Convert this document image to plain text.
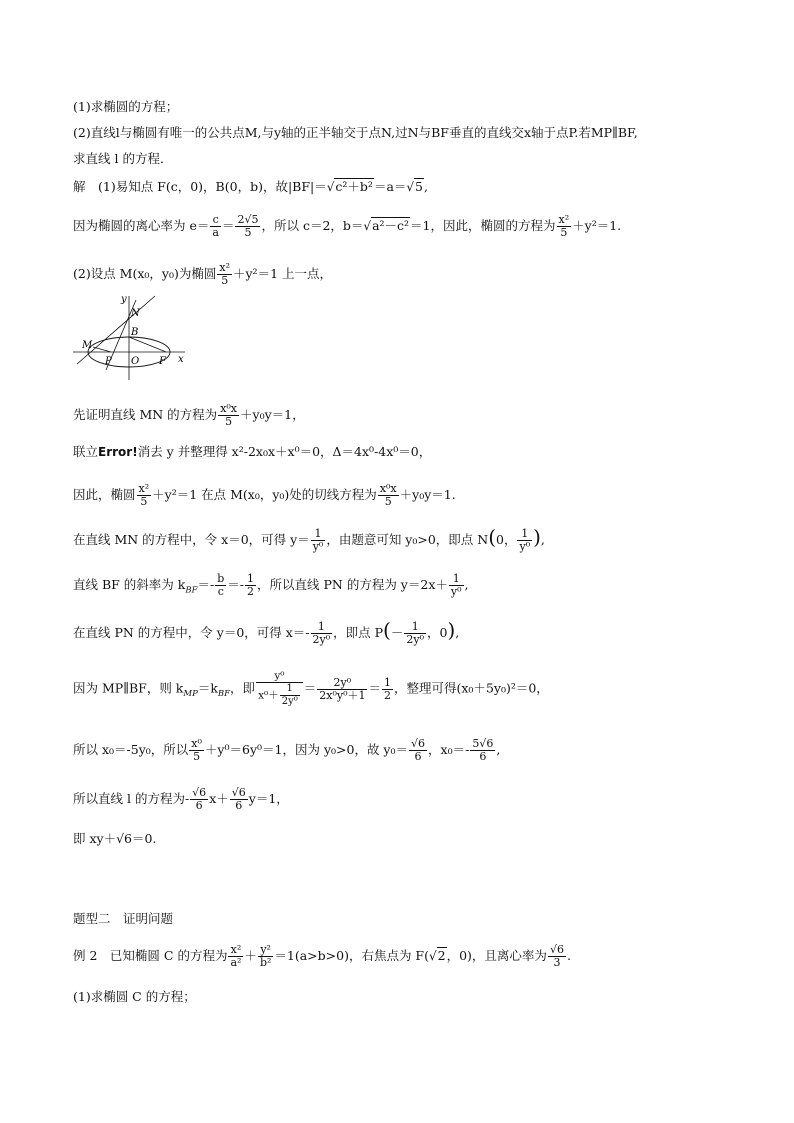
(1)求椭圆的方程；
(2)直线l与椭圆有唯一的公共点M,与y轴的正半轴交于点N,过N与BF垂直的直线交x轴于点P.若MP∥BF,
求直线 l 的方程．
解　(1)易知点 F(c，0)，B(0，b)，故|BF|＝√c²＋b²＝a＝√5,
因为椭圆的离心率为 $e= \frac{c}{a} = \frac{2√5}{5}$ ，所以 c＝2，b＝√a²－c²＝1，因此，椭圆的方程为 $\frac{\text{x²}}{5} +y^2=1$.
(2)设点 M(x₀，y₀)为椭圆 $\frac{\text{x²}}{5} +y^2=1$ 上一点，
y
x
N
B
M
P O F
先证明直线 MN 的方程为 $\frac{\text{x⁰x}}{5} +y_0y=1$，
联立Error!消去 y 并整理得 x²-2x₀x＋x⁰＝0，Δ＝4x⁰-4x⁰＝0，
因此，椭圆 $\frac{\text{x²}}{5} +y^2=1$ 在点 M(x₀，y₀)处的切线方程为 $\frac{\text{x⁰x}}{5} +y_0y=1$.
在直线 MN 的方程中，令 x＝0，可得 $y= \frac{1}{\text{y⁰}}$ ，由题意可知 y₀>0，即点 N(0， $\frac{1}{\text{y⁰}}$ ),
直线 BF 的斜率为 $k_{BF}=- \frac{b}{c} =- \frac{1}{2}$ ，所以直线 PN 的方程为 $y=2x+ \frac{1}{\text{y⁰}}$ ,
在直线 PN 的方程中，令 y＝0，可得 $x=- \frac{1}{\text{2y⁰}}$ ，即点 $P(- \frac{1}{\text{2y⁰}}$ ，0),
因为 MP∥BF，则 $k_{MP}=k_{BF}$，即 $\frac{\text{y⁰}}{x^0+ \frac{1}{\text{2y⁰}}} = \frac{\text{2y⁰}}{\text{2x⁰y⁰＋1}} = \frac{1}{2}$ ，整理可得(x₀＋5y₀)²＝0，
所以 x₀＝-5y₀，所以 $\frac{\text{x⁰}}{5} +y^0=6y^0=1$，因为 y₀>0，故 $y_0= \frac{√6}{6}$ ，$x_0=- \frac{5√6}{6}$ ,
所以直线 l 的方程为- $\frac{√6}{6} x+ \frac{√6}{6} y=1$，
即 xy＋√6＝0.
题型二　证明问题
例 2　已知椭圆 C 的方程为 $\frac{\text{x²}}{\text{a²}} + \frac{\text{y²}}{\text{b²}} =1(a>b>0)$，右焦点为 F(√2，0)，且离心率为 $\frac{√6}{3}$ .
(1)求椭圆 C 的方程；
